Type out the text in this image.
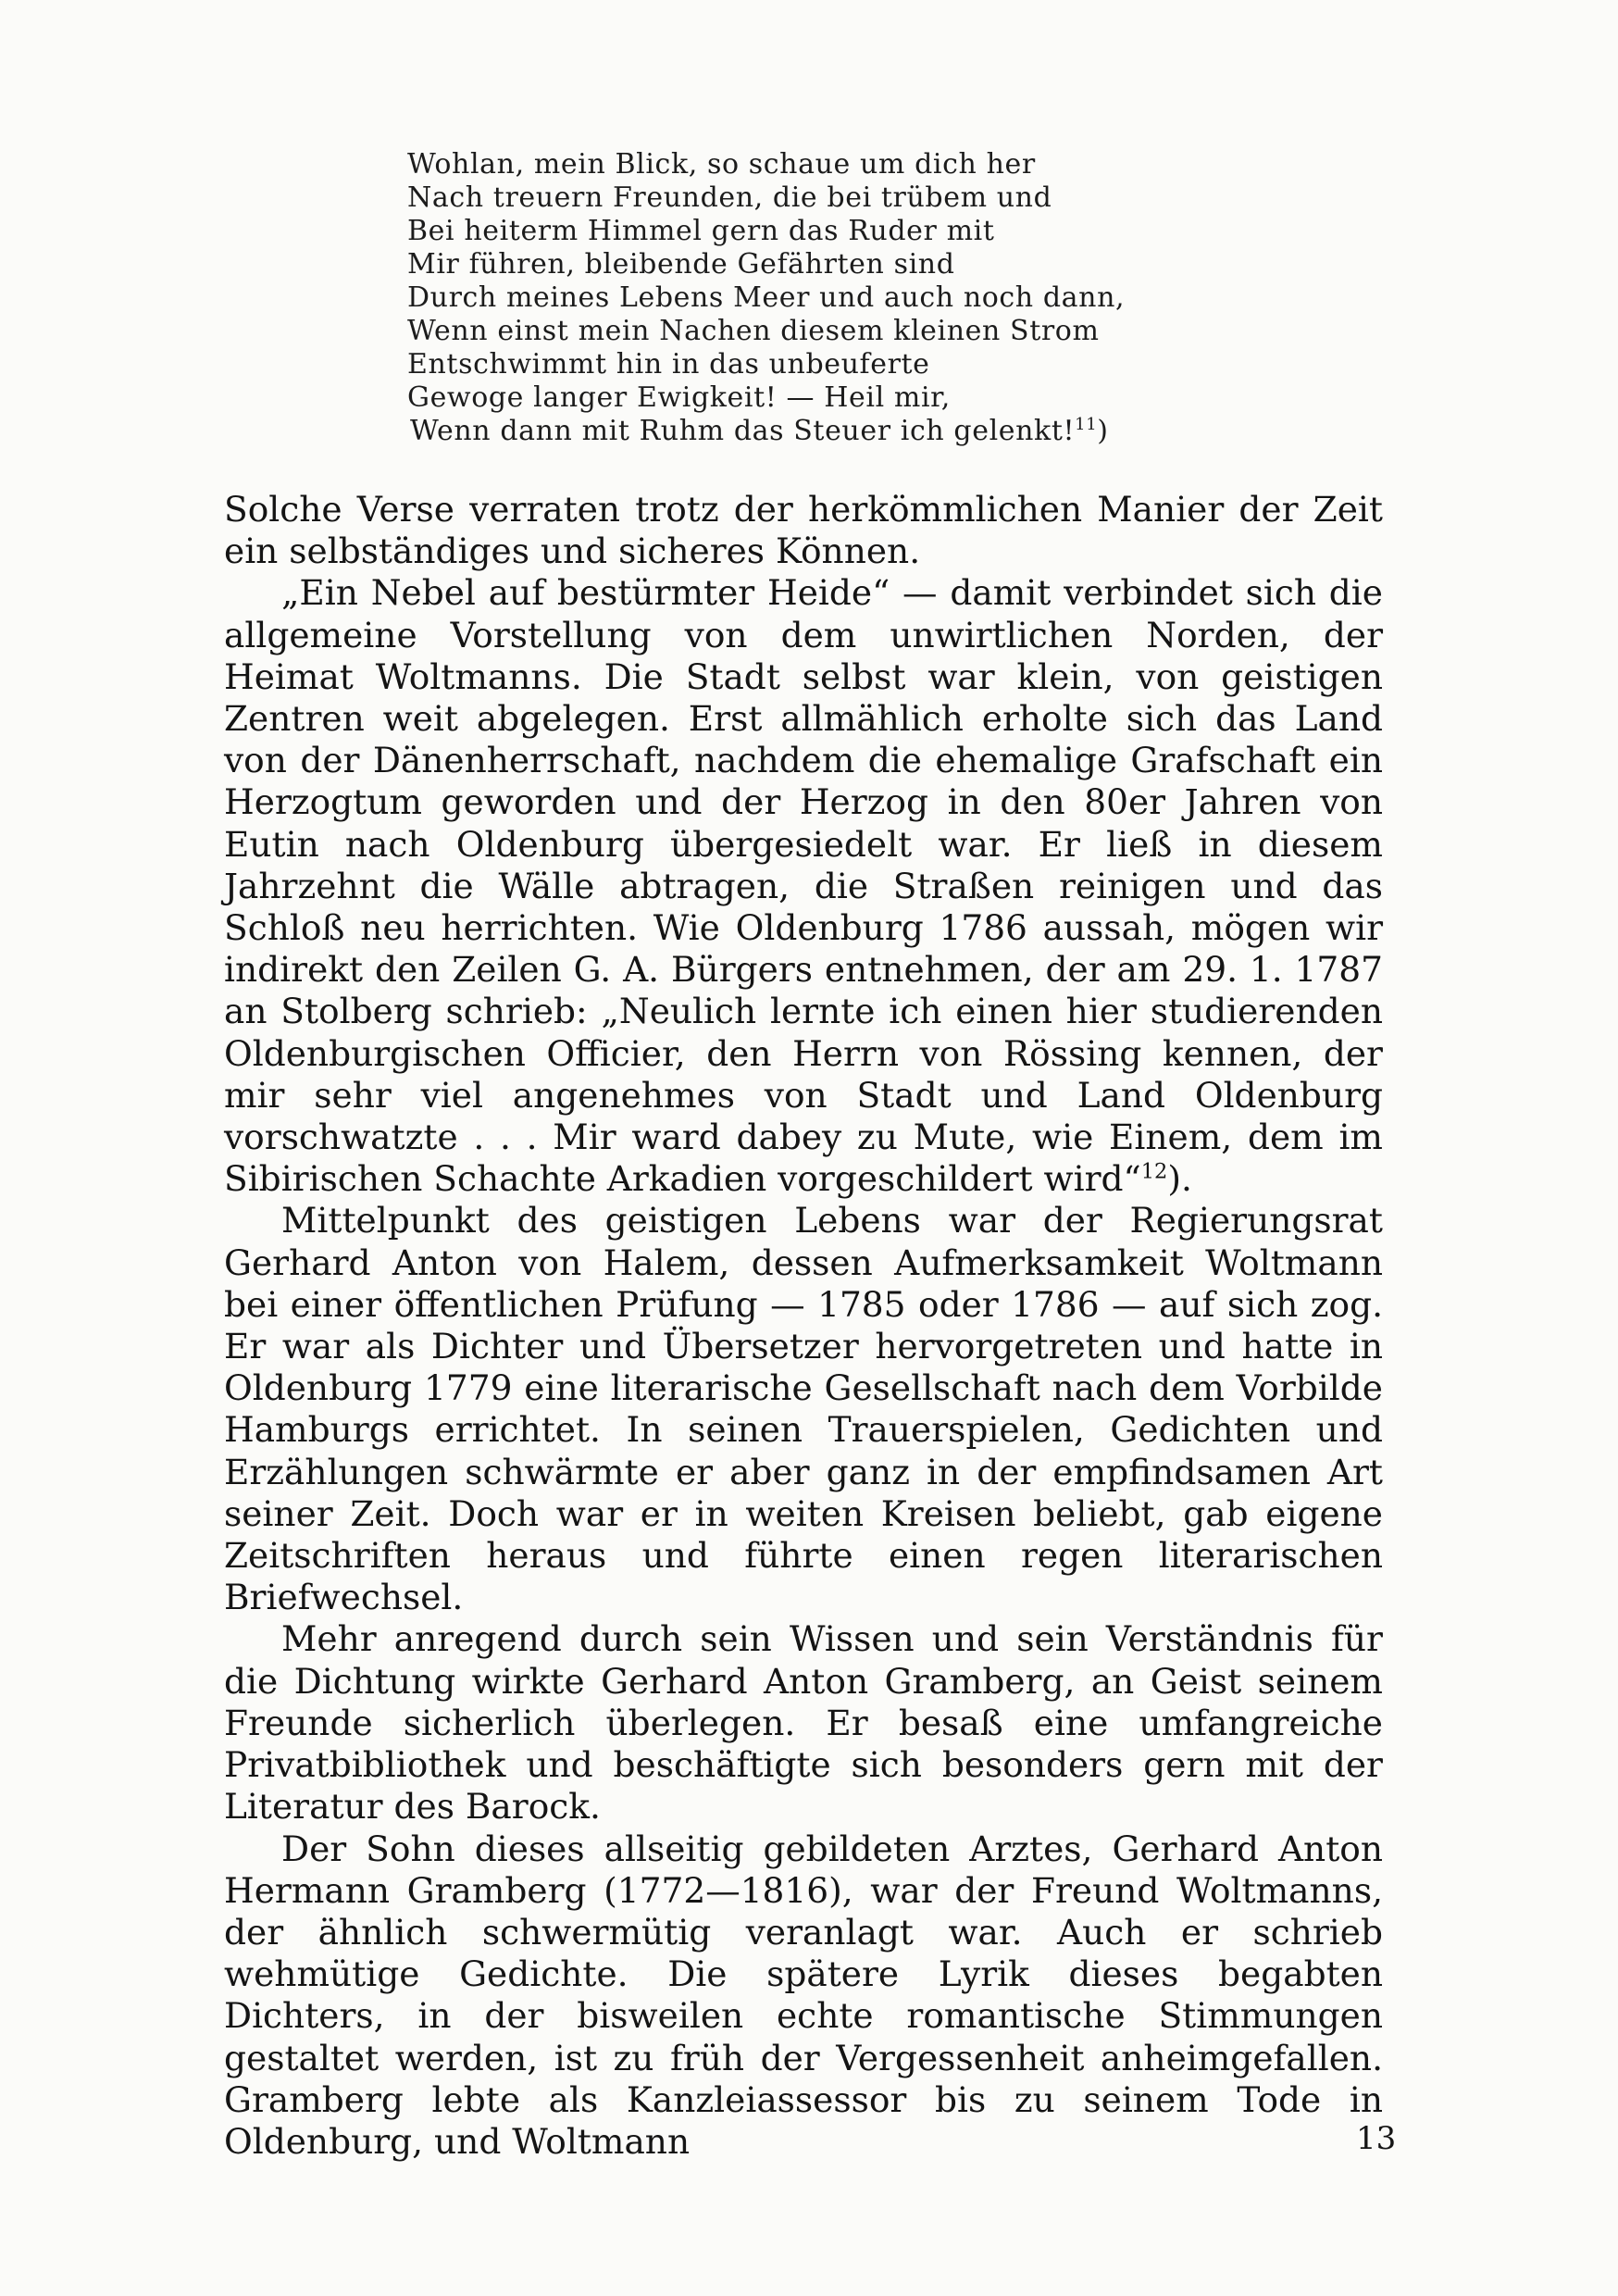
Wohlan, mein Blick, so schaue um dich her
Nach treuern Freunden, die bei trübem und
Bei heiterm Himmel gern das Ruder mit
Mir führen, bleibende Gefährten sind
Durch meines Lebens Meer und auch noch dann,
Wenn einst mein Nachen diesem kleinen Strom
Entschwimmt hin in das unbeuferte
Gewoge langer Ewigkeit! — Heil mir,
Wenn dann mit Ruhm das Steuer ich gelenkt!$^{11}$)

Solche Verse verraten trotz der herkömmlichen Manier der Zeit ein selbständiges und sicheres Können.

„Ein Nebel auf bestürmter Heide“ — damit verbindet sich die allgemeine Vorstellung von dem unwirtlichen Norden, der Heimat Woltmanns. Die Stadt selbst war klein, von geistigen Zentren weit abgelegen. Erst allmählich erholte sich das Land von der Dänenherrschaft, nachdem die ehemalige Grafschaft ein Herzogtum geworden und der Herzog in den 80er Jahren von Eutin nach Oldenburg übergesiedelt war. Er ließ in diesem Jahrzehnt die Wälle abtragen, die Straßen reinigen und das Schloß neu herrichten. Wie Oldenburg 1786 aussah, mögen wir indirekt den Zeilen G. A. Bürgers entnehmen, der am 29. 1. 1787 an Stolberg schrieb: „Neulich lernte ich einen hier studierenden Oldenburgischen Officier, den Herrn von Rössing kennen, der mir sehr viel angenehmes von Stadt und Land Oldenburg vorschwatzte . . . Mir ward dabey zu Mute, wie Einem, dem im Sibirischen Schachte Arkadien vorgeschildert wird“$^{12}$).

Mittelpunkt des geistigen Lebens war der Regierungsrat Gerhard Anton von Halem, dessen Aufmerksamkeit Woltmann bei einer öffentlichen Prüfung — 1785 oder 1786 — auf sich zog. Er war als Dichter und Übersetzer hervorgetreten und hatte in Oldenburg 1779 eine literarische Gesellschaft nach dem Vorbilde Hamburgs errichtet. In seinen Trauerspielen, Gedichten und Erzählungen schwärmte er aber ganz in der empfindsamen Art seiner Zeit. Doch war er in weiten Kreisen beliebt, gab eigene Zeitschriften heraus und führte einen regen literarischen Briefwechsel.

Mehr anregend durch sein Wissen und sein Verständnis für die Dichtung wirkte Gerhard Anton Gramberg, an Geist seinem Freunde sicherlich überlegen. Er besaß eine umfangreiche Privatbibliothek und beschäftigte sich besonders gern mit der Literatur des Barock.

Der Sohn dieses allseitig gebildeten Arztes, Gerhard Anton Hermann Gramberg (1772—1816), war der Freund Woltmanns, der ähnlich schwermütig veranlagt war. Auch er schrieb wehmütige Gedichte. Die spätere Lyrik dieses begabten Dichters, in der bisweilen echte romantische Stimmungen gestaltet werden, ist zu früh der Vergessenheit anheimgefallen. Gramberg lebte als Kanzleiassessor bis zu seinem Tode in Oldenburg, und Woltmann	13
